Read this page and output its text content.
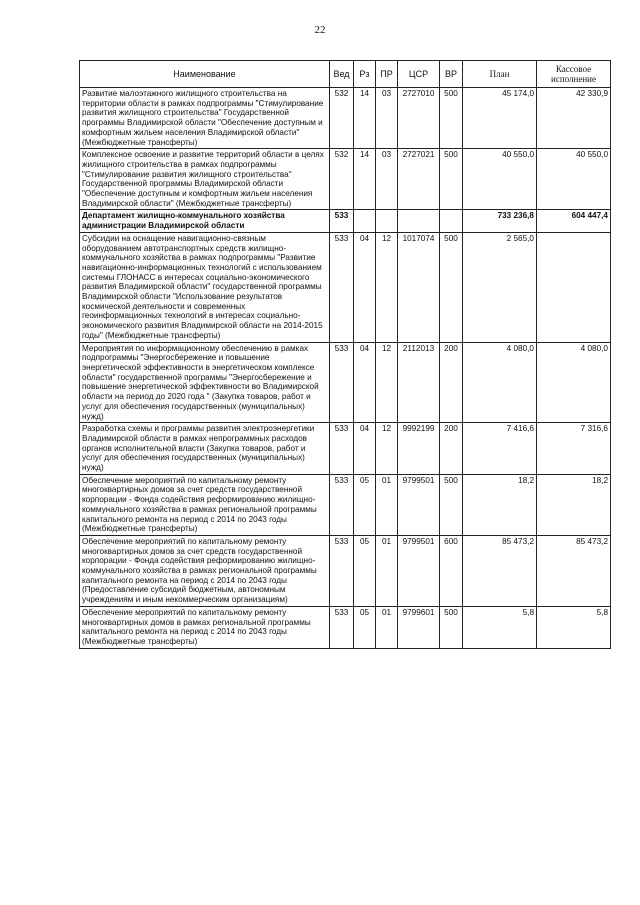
22
Наименование	Вед	Рз	ПР	ЦСР	ВР	План	Кассовое исполнение
Развитие малоэтажного жилищного строительства на территории области в рамках подпрограммы "Стимулирование развития жилищного строительства" Государственной программы Владимирской области "Обеспечение доступным и комфортным жильем населения Владимирской области" (Межбюджетные трансферты)	532	14	03	2727010	500	45 174,0	42 330,9
Комплексное освоение и развитие территорий области в целях жилищного строительства в рамках подпрограммы "Стимулирование развития жилищного строительства" Государственной программы Владимирской области "Обеспечение доступным и комфортным жильем населения Владимирской области" (Межбюджетные трансферты)	532	14	03	2727021	500	40 550,0	40 550,0
Департамент жилищно-коммунального хозяйства администрации Владимирской области	533					733 236,8	604 447,4
Субсидии на оснащение навигационно-связным оборудованием автотранспортных средств жилищно-коммунального хозяйства в рамках подпрограммы "Развитие навигационно-информационных технологий с использованием системы ГЛОНАСС в интересах социально-экономического развития Владимирской области" государственной программы Владимирской области "Использование результатов космической деятельности и современных геоинформационных технологий в интересах социально-экономического развития Владимирской области на 2014-2015 годы" (Межбюджетные трансферты)	533	04	12	1017074	500	2 565,0	
Мероприятия по информационному обеспечению в рамках подпрограммы "Энергосбережение и повышение энергетической эффективности в энергетическом комплексе области" государственной программы "Энергосбережение и повышение энергетической эффективности во Владимирской области на период до 2020 года " (Закупка товаров, работ и услуг для обеспечения государственных (муниципальных) нужд)	533	04	12	2112013	200	4 080,0	4 080,0
Разработка схемы и программы развития электроэнергетики Владимирской области в рамках непрограммных расходов органов исполнительной власти (Закупка товаров, работ и услуг для обеспечения государственных (муниципальных) нужд)	533	04	12	9992199	200	7 416,6	7 316,6
Обеспечение мероприятий по капитальному ремонту многоквартирных домов за счет средств государственной корпорации - Фонда содействия реформированию жилищно-коммунального хозяйства в рамках региональной программы капитального ремонта на период с 2014 по 2043 годы (Межбюджетные трансферты)	533	05	01	9799501	500	18,2	18,2
Обеспечение мероприятий по капитальному ремонту многоквартирных домов за счет средств государственной корпорации - Фонда содействия реформированию жилищно-коммунального хозяйства в рамках региональной программы капитального ремонта на период с 2014 по 2043 годы (Предоставление субсидий бюджетным, автономным учреждениям и иным некоммерческим организациям)	533	05	01	9799501	600	85 473,2	85 473,2
Обеспечение мероприятий по капитальному ремонту многоквартирных домов в рамках региональной программы капитального ремонта на период с 2014 по 2043 годы (Межбюджетные трансферты)	533	05	01	9799601	500	5,8	5,8
